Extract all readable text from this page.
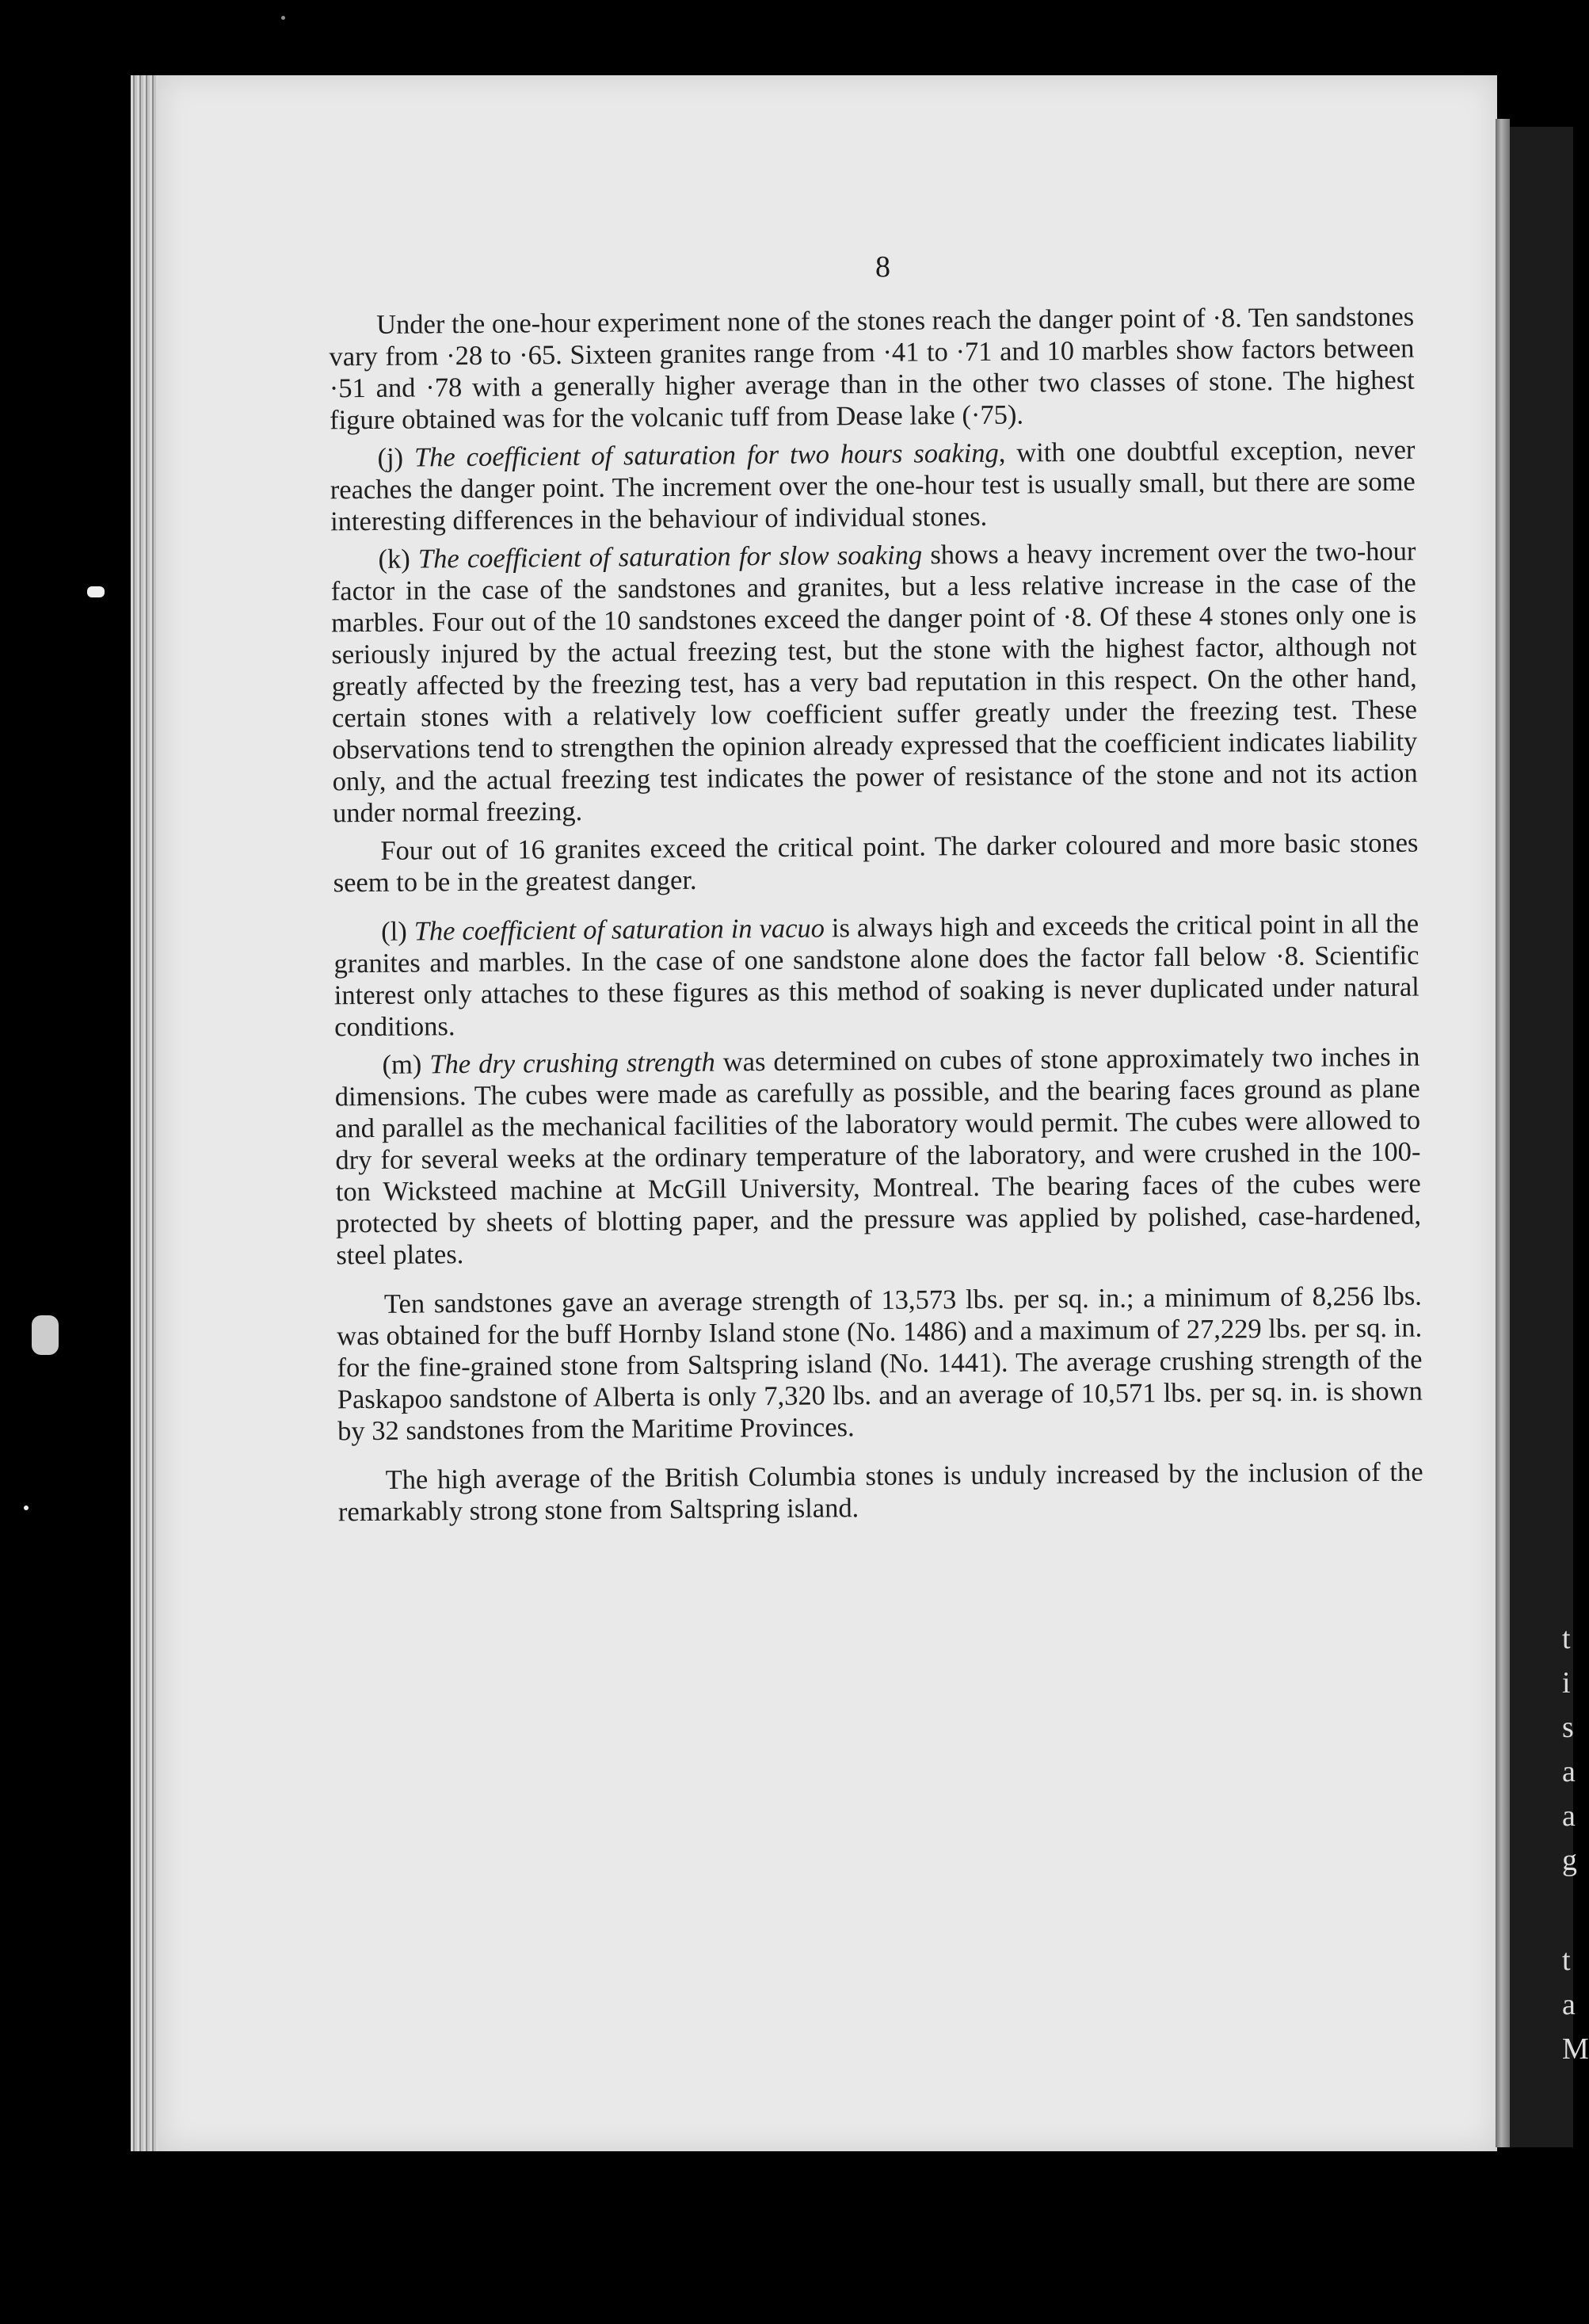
t
i
s
a
a
g
t
a
M
8

Under the one-hour experiment none of the stones reach the danger point of ·8. Ten sandstones vary from ·28 to ·65. Sixteen granites range from ·41 to ·71 and 10 marbles show factors between ·51 and ·78 with a generally higher average than in the other two classes of stone. The highest figure obtained was for the volcanic tuff from Dease lake (·75).

(j) The coefficient of saturation for two hours soaking, with one doubtful exception, never reaches the danger point. The increment over the one-hour test is usually small, but there are some interesting differences in the behaviour of individual stones.

(k) The coefficient of saturation for slow soaking shows a heavy increment over the two-hour factor in the case of the sandstones and granites, but a less relative increase in the case of the marbles. Four out of the 10 sandstones exceed the danger point of ·8. Of these 4 stones only one is seriously injured by the actual freezing test, but the stone with the highest factor, although not greatly affected by the freezing test, has a very bad reputation in this respect. On the other hand, certain stones with a relatively low coefficient suffer greatly under the freezing test. These observations tend to strengthen the opinion already expressed that the coefficient indicates liability only, and the actual freezing test indicates the power of resistance of the stone and not its action under normal freezing.

Four out of 16 granites exceed the critical point. The darker coloured and more basic stones seem to be in the greatest danger.

(l) The coefficient of saturation in vacuo is always high and exceeds the critical point in all the granites and marbles. In the case of one sandstone alone does the factor fall below ·8. Scientific interest only attaches to these figures as this method of soaking is never duplicated under natural conditions.

(m) The dry crushing strength was determined on cubes of stone approximately two inches in dimensions. The cubes were made as carefully as possible, and the bearing faces ground as plane and parallel as the mechanical facilities of the laboratory would permit. The cubes were allowed to dry for several weeks at the ordinary temperature of the laboratory, and were crushed in the 100-ton Wicksteed machine at McGill University, Montreal. The bearing faces of the cubes were protected by sheets of blotting paper, and the pressure was applied by polished, case-hardened, steel plates.

Ten sandstones gave an average strength of 13,573 lbs. per sq. in.; a minimum of 8,256 lbs. was obtained for the buff Hornby Island stone (No. 1486) and a maximum of 27,229 lbs. per sq. in. for the fine-grained stone from Saltspring island (No. 1441). The average crushing strength of the Paskapoo sandstone of Alberta is only 7,320 lbs. and an average of 10,571 lbs. per sq. in. is shown by 32 sandstones from the Maritime Provinces.

The high average of the British Columbia stones is unduly increased by the inclusion of the remarkably strong stone from Saltspring island.
